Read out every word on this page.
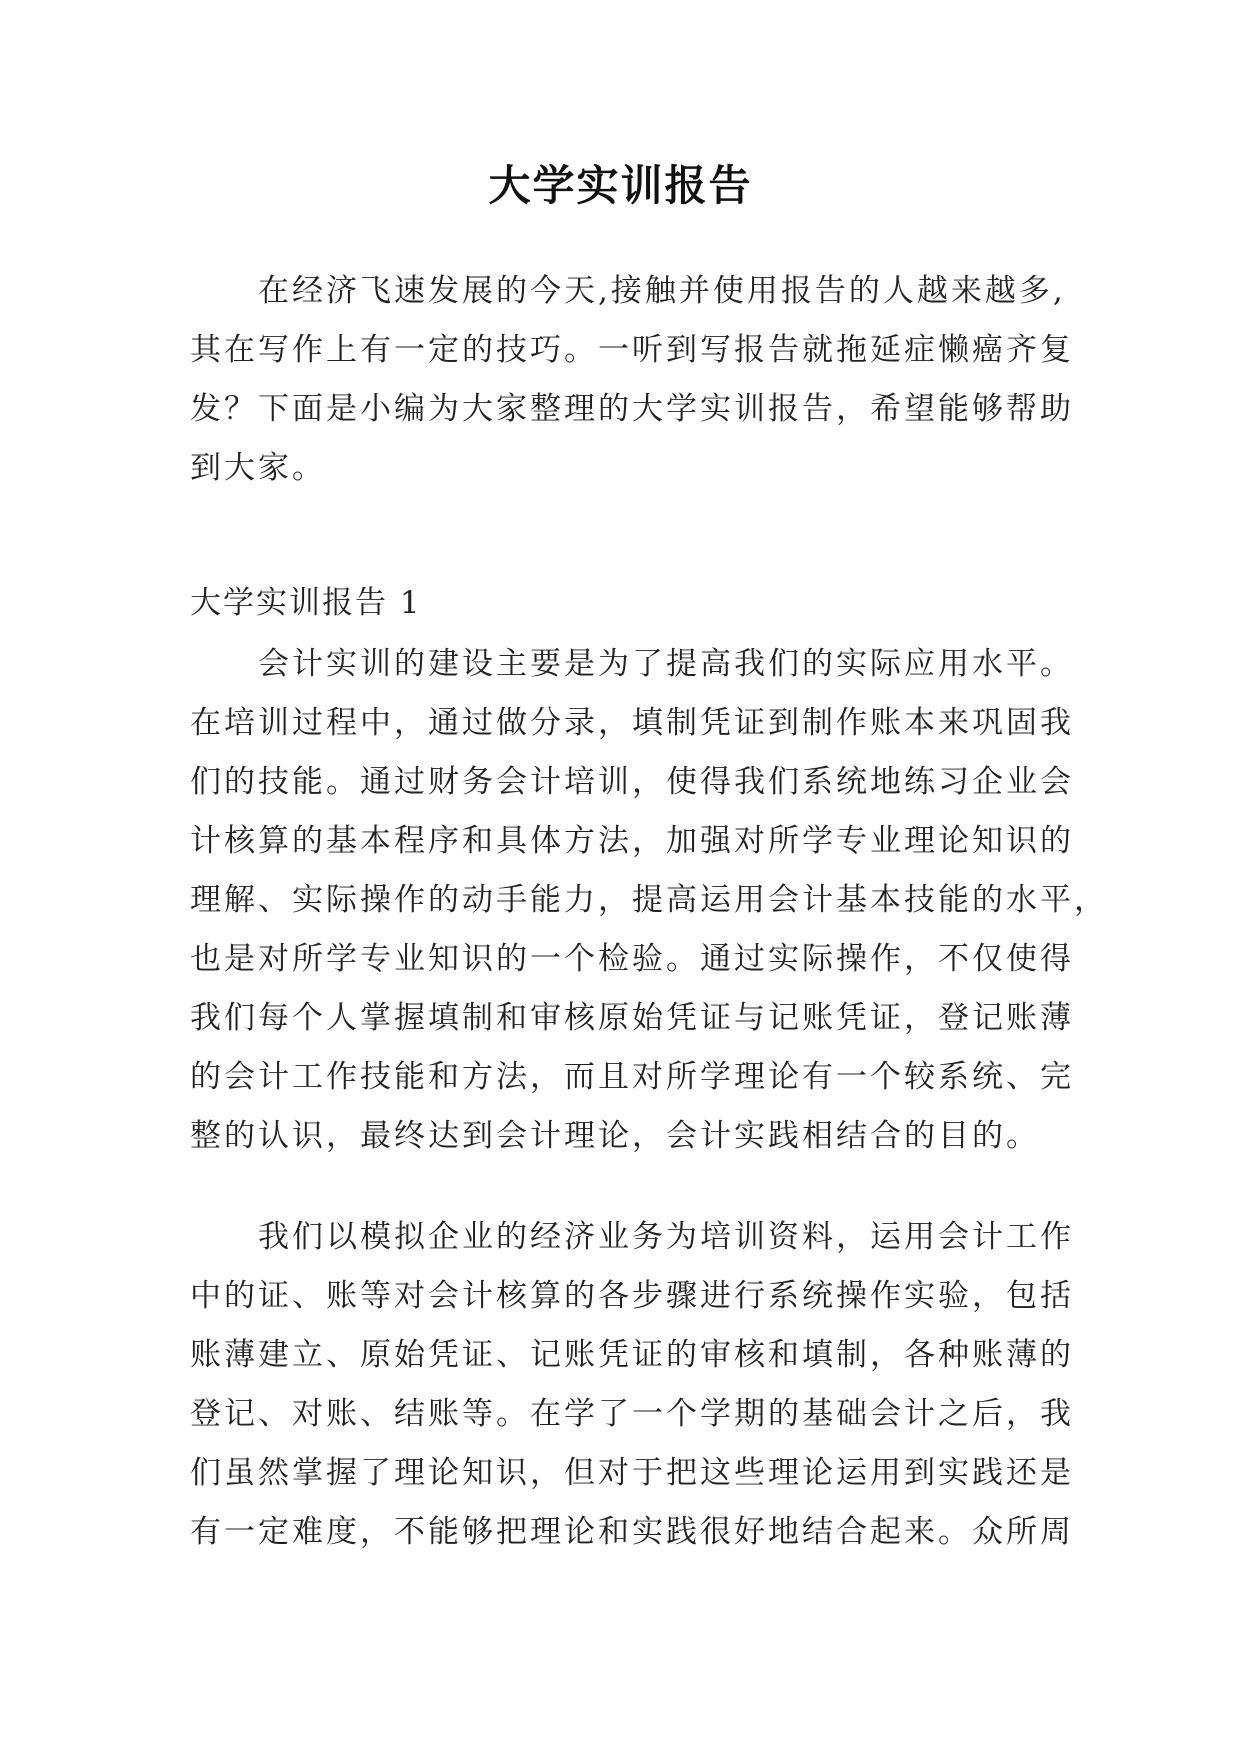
大学实训报告
在经济飞速发展的今天,接触并使用报告的人越来越多,
其在写作上有一定的技巧。一听到写报告就拖延症懒癌齐复
发？下面是小编为大家整理的大学实训报告，希望能够帮助
到大家。
大学实训报告 1
会计实训的建设主要是为了提高我们的实际应用水平。
在培训过程中，通过做分录，填制凭证到制作账本来巩固我
们的技能。通过财务会计培训，使得我们系统地练习企业会
计核算的基本程序和具体方法，加强对所学专业理论知识的
理解、实际操作的动手能力，提高运用会计基本技能的水平，
也是对所学专业知识的一个检验。通过实际操作，不仅使得
我们每个人掌握填制和审核原始凭证与记账凭证，登记账薄
的会计工作技能和方法，而且对所学理论有一个较系统、完
整的认识，最终达到会计理论，会计实践相结合的目的。
我们以模拟企业的经济业务为培训资料，运用会计工作
中的证、账等对会计核算的各步骤进行系统操作实验，包括
账薄建立、原始凭证、记账凭证的审核和填制，各种账薄的
登记、对账、结账等。在学了一个学期的基础会计之后，我
们虽然掌握了理论知识，但对于把这些理论运用到实践还是
有一定难度，不能够把理论和实践很好地结合起来。众所周
